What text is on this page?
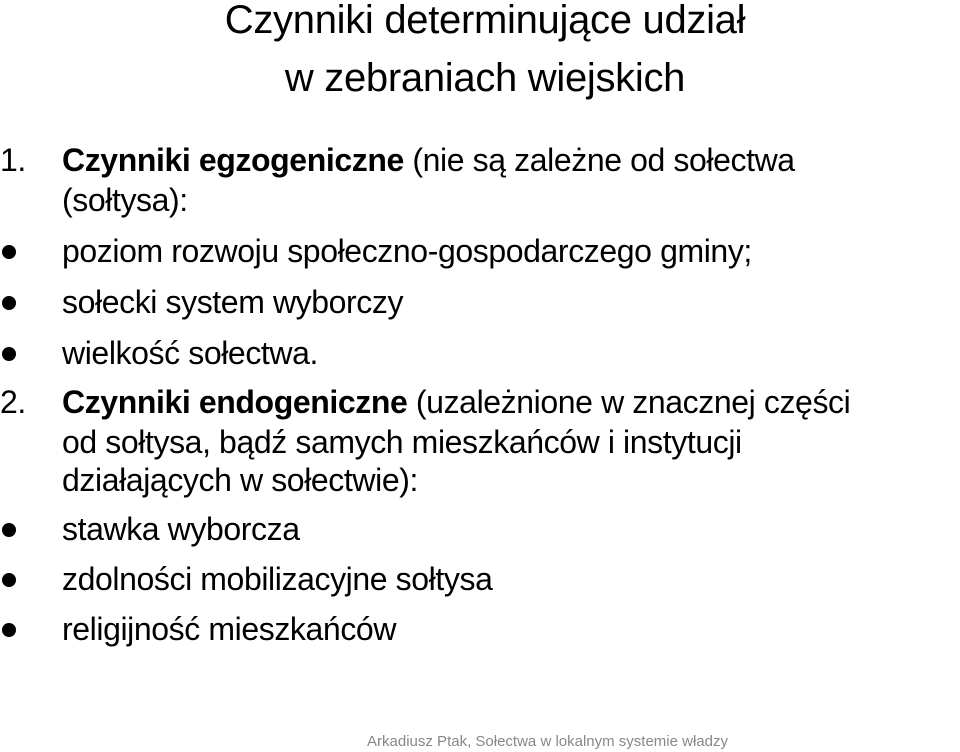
Czynniki determinujące udział
w zebraniach wiejskich
1. Czynniki egzogeniczne (nie są zależne od sołectwa
(sołtysa):
poziom rozwoju społeczno-gospodarczego gminy;
sołecki system wyborczy
wielkość sołectwa.
2. Czynniki endogeniczne (uzależnione w znacznej części
od sołtysa, bądź samych mieszkańców i instytucji
działających w sołectwie):
stawka wyborcza
zdolności mobilizacyjne sołtysa
religijność mieszkańców
Arkadiusz Ptak, Sołectwa w lokalnym systemie władzy
